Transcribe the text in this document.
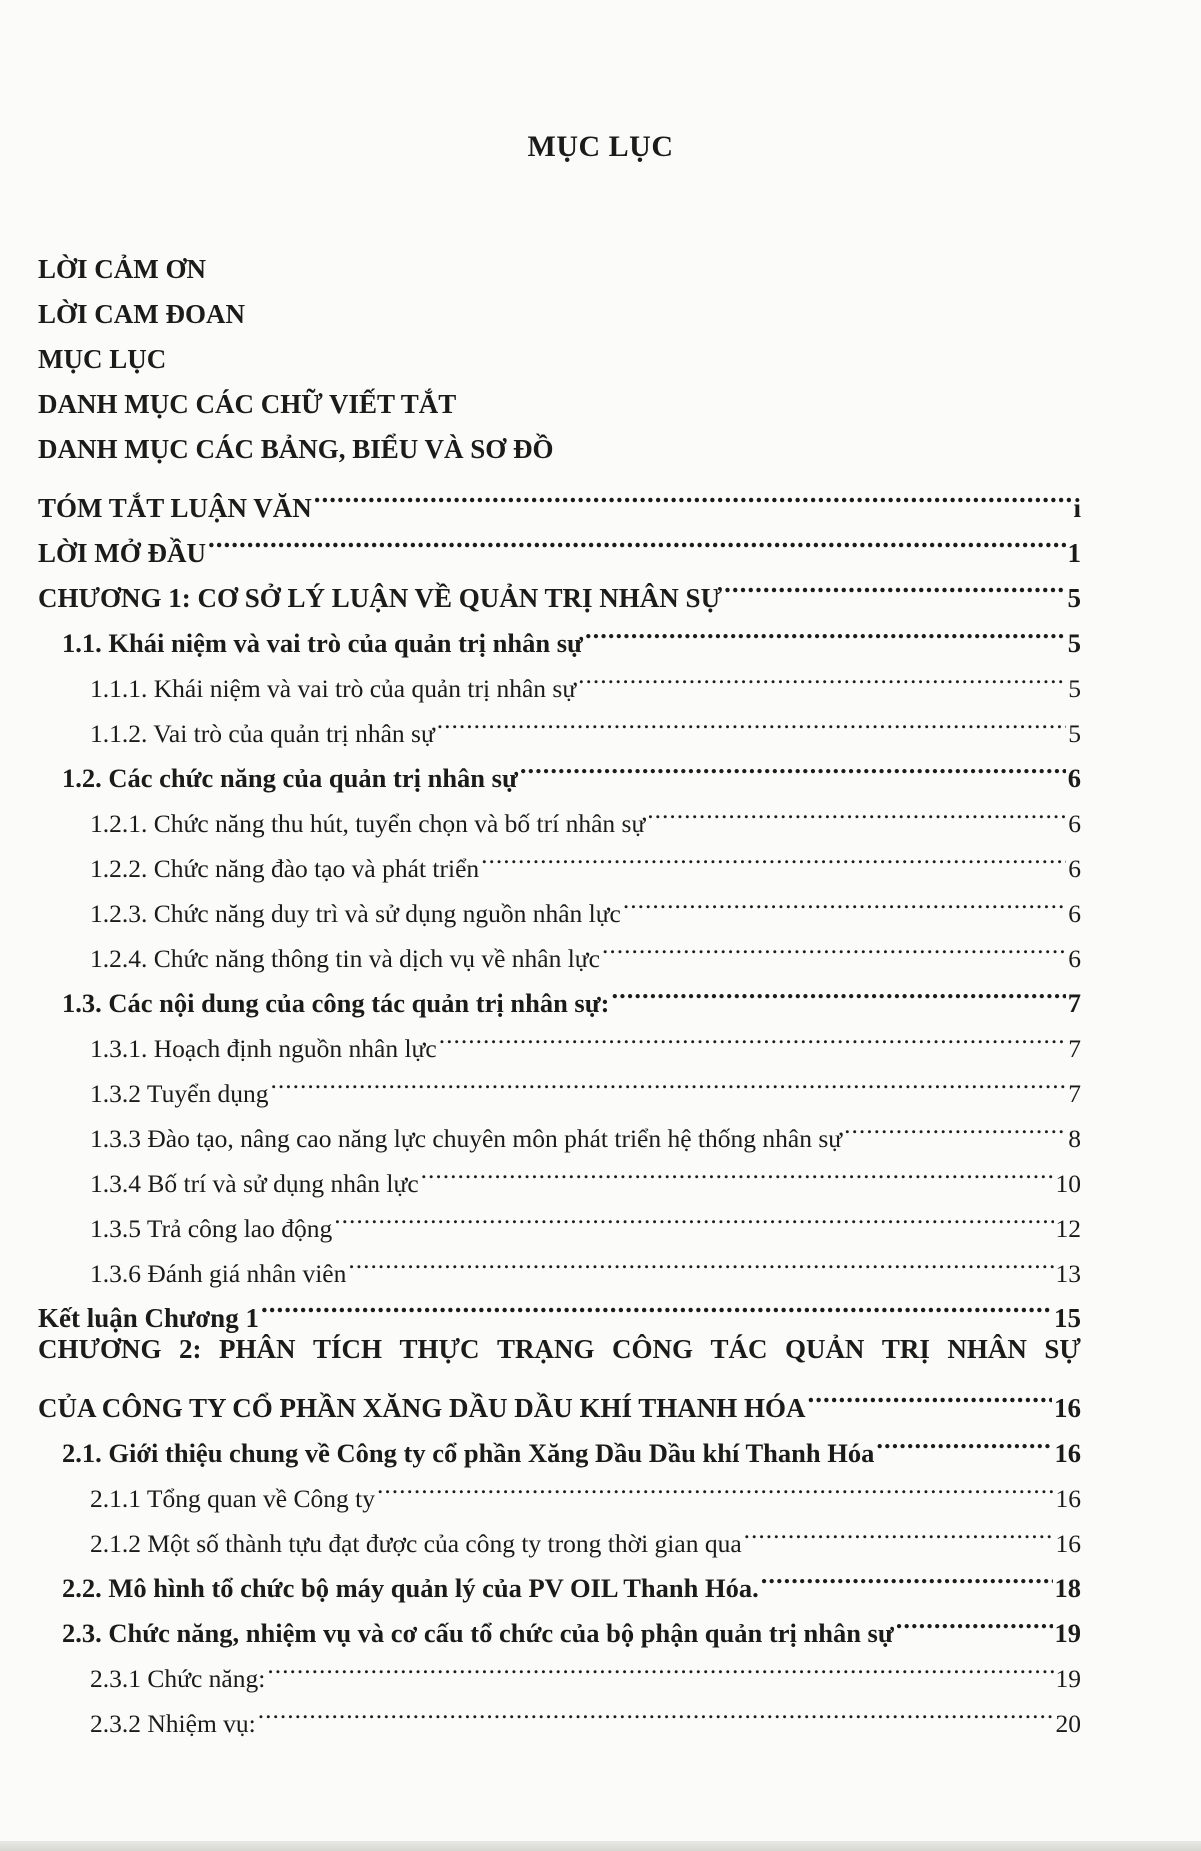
MỤC LỤC
LỜI CẢM ƠN
LỜI CAM ĐOAN
MỤC LỤC
DANH MỤC CÁC CHỮ VIẾT TẮT
DANH MỤC CÁC BẢNG, BIỂU VÀ SƠ ĐỒ
TÓM TẮT LUẬN VĂN .....	i
LỜI MỞ ĐẦU .....	1
CHƯƠNG 1: CƠ SỞ LÝ LUẬN VỀ QUẢN TRỊ NHÂN SỰ .....	5
1.1. Khái niệm và vai trò của quản trị nhân sự .....	5
1.1.1. Khái niệm và vai trò của quản trị nhân sự .....	5
1.1.2. Vai trò của quản trị nhân sự .....	5
1.2. Các chức năng của quản trị nhân sự .....	6
1.2.1. Chức năng thu hút, tuyển chọn và bố trí nhân sự .....	6
1.2.2. Chức năng đào tạo và phát triển .....	6
1.2.3. Chức năng duy trì và sử dụng nguồn nhân lực .....	6
1.2.4. Chức năng thông tin và dịch vụ về nhân lực .....	6
1.3. Các nội dung của công tác quản trị nhân sự: .....	7
1.3.1. Hoạch định nguồn nhân lực .....	7
1.3.2 Tuyển dụng .....	7
1.3.3 Đào tạo, nâng cao năng lực chuyên môn phát triển hệ thống nhân sự .....	8
1.3.4 Bố trí và sử dụng nhân lực .....	10
1.3.5 Trả công lao động .....	12
1.3.6 Đánh giá nhân viên .....	13
Kết luận Chương 1 .....	15
CHƯƠNG 2: PHÂN TÍCH THỰC TRẠNG CÔNG TÁC QUẢN TRỊ NHÂN SỰ
CỦA CÔNG TY CỔ PHẦN XĂNG DẦU DẦU KHÍ THANH HÓA .....	16
2.1. Giới thiệu chung về Công ty cổ phần Xăng Dầu Dầu khí Thanh Hóa .....	16
2.1.1 Tổng quan về Công ty .....	16
2.1.2 Một số thành tựu đạt được của công ty trong thời gian qua .....	16
2.2. Mô hình tổ chức bộ máy quản lý của PV OIL Thanh Hóa. .....	18
2.3. Chức năng, nhiệm vụ và cơ cấu tổ chức của bộ phận quản trị nhân sự .....	19
2.3.1 Chức năng: .....	19
2.3.2 Nhiệm vụ: .....	20
